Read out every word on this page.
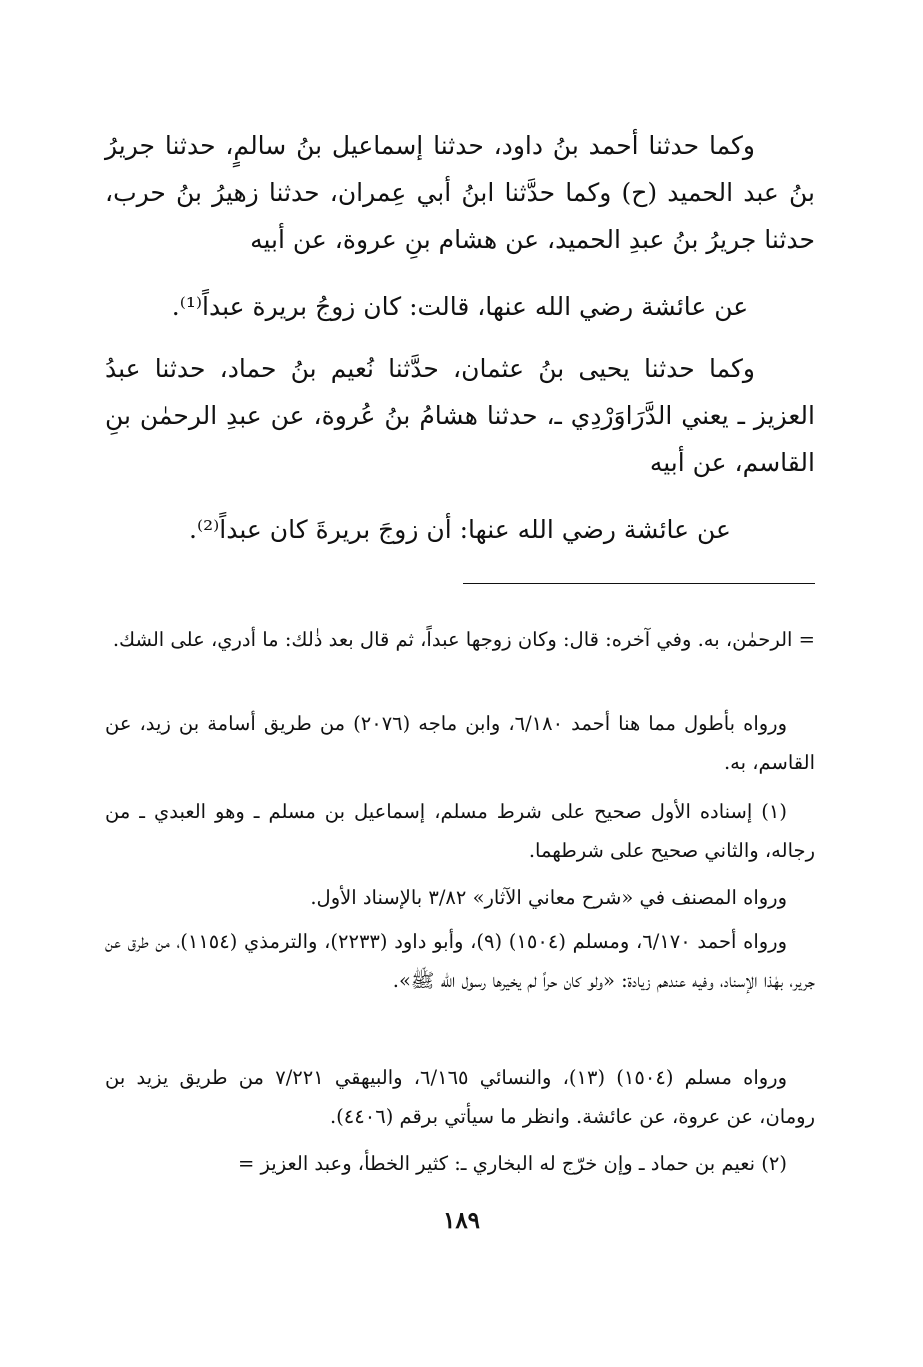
وكما حدثنا أحمد بنُ داود، حدثنا إسماعيل بنُ سالمٍ، حدثنا جريرُ بنُ عبد الحميد (ح) وكما حدَّثنا ابنُ أبي عِمران، حدثنا زهيرُ بنُ حرب، حدثنا جريرُ بنُ عبدِ الحميد، عن هشام بنِ عروة، عن أبيه

عن عائشة رضي الله عنها، قالت: كان زوجُ بريرة عبداً⁽¹⁾.

وكما حدثنا يحيى بنُ عثمان، حدَّثنا نُعيم بنُ حماد، حدثنا عبدُ العزيز ـ يعني الدَّرَاوَرْدِي ـ، حدثنا هشامُ بنُ عُروة، عن عبدِ الرحمٰن بنِ القاسم، عن أبيه

عن عائشة رضي الله عنها: أن زوجَ بريرةَ كان عبداً⁽²⁾.

= الرحمٰن، به. وفي آخره: قال: وكان زوجها عبداً، ثم قال بعد ذٰلك: ما أدري، على الشك.

ورواه بأطول مما هنا أحمد ٦/١٨٠، وابن ماجه (٢٠٧٦) من طريق أسامة بن زيد، عن القاسم، به.

(١) إسناده الأول صحيح على شرط مسلم، إسماعيل بن مسلم ـ وهو العبدي ـ من رجاله، والثاني صحيح على شرطهما.

ورواه المصنف في «شرح معاني الآثار» ٣/٨٢ بالإسناد الأول.

ورواه أحمد ٦/١٧٠، ومسلم (١٥٠٤) (٩)، وأبو داود (٢٢٣٣)، والترمذي (١١٥٤)، من طرق عن جرير، بهٰذا الإسناد، وفيه عندهم زيادة: «ولو كان حراً لم يخيرها رسول الله ﷺ».

ورواه مسلم (١٥٠٤) (١٣)، والنسائي ٦/١٦٥، والبيهقي ٧/٢٢١ من طريق يزيد بن رومان، عن عروة، عن عائشة. وانظر ما سيأتي برقم (٤٤٠٦).

(٢) نعيم بن حماد ـ وإن خرّج له البخاري ـ: كثير الخطأ، وعبد العزيز =

١٨٩
